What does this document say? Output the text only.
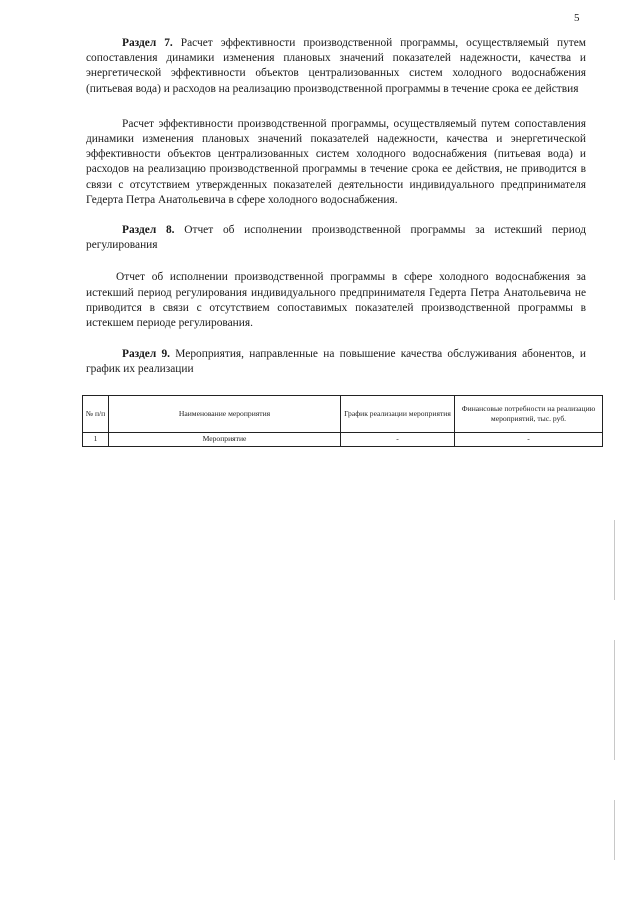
5

Раздел 7. Расчет эффективности производственной программы, осуществляемый путем сопоставления динамики изменения плановых значений показателей надежности, качества и энергетической эффективности объектов централизованных систем холодного водоснабжения (питьевая вода) и расходов на реализацию производственной программы в течение срока ее действия

Расчет эффективности производственной программы, осуществляемый путем сопоставления динамики изменения плановых значений показателей надежности, качества и энергетической эффективности объектов централизованных систем холодного водоснабжения (питьевая вода) и расходов на реализацию производственной программы в течение срока ее действия, не приводится в связи с отсутствием утвержденных показателей деятельности индивидуального предпринимателя Гедерта Петра Анатольевича в сфере холодного водоснабжения.

Раздел 8. Отчет об исполнении производственной программы за истекший период регулирования

Отчет об исполнении производственной программы в сфере холодного водоснабжения за истекший период регулирования индивидуального предпринимателя Гедерта Петра Анатольевича не приводится в связи с отсутствием сопоставимых показателей производственной программы в истекшем периоде регулирования.

Раздел 9. Мероприятия, направленные на повышение качества обслуживания абонентов, и график их реализации

№ п/п	Наименование мероприятия	График реализации мероприятия	Финансовые потребности на реализацию мероприятий, тыс. руб.
1	Мероприятие	-	-
